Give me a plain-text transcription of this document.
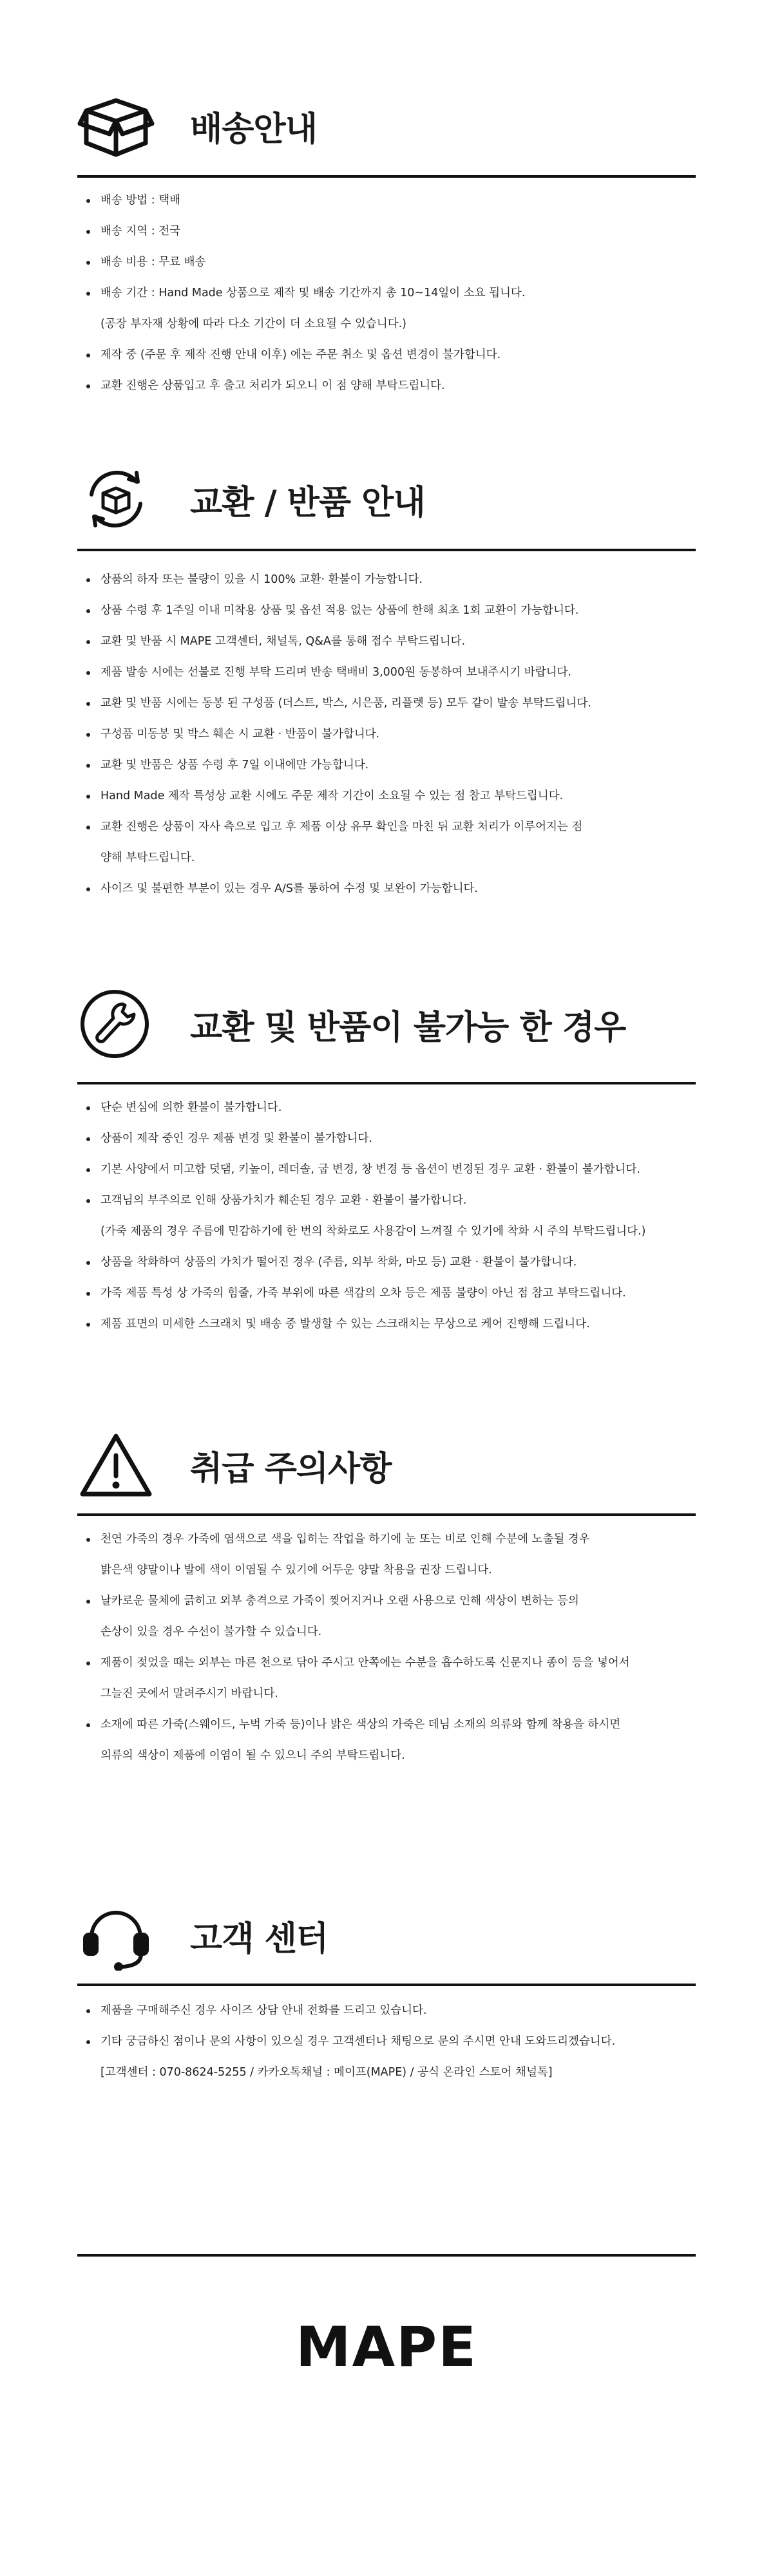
배송안내
배송 방법 : 택배
배송 지역 : 전국
배송 비용 : 무료 배송
배송 기간 : Hand Made 상품으로 제작 및 배송 기간까지 총 10~14일이 소요 됩니다.
(공장 부자재 상황에 따라 다소 기간이 더 소요될 수 있습니다.)
제작 중 (주문 후 제작 진행 안내 이후) 에는 주문 취소 및 옵션 변경이 불가합니다.
교환 진행은 상품입고 후 출고 처리가 되오니 이 점 양해 부탁드립니다.
교환 / 반품 안내
상품의 하자 또는 불량이 있을 시 100% 교환· 환불이 가능합니다.
상품 수령 후 1주일 이내 미착용 상품 및 옵션 적용 없는 상품에 한해 최초 1회 교환이 가능합니다.
교환 및 반품 시 MAPE 고객센터, 채널톡, Q&A를 통해 접수 부탁드립니다.
제품 발송 시에는 선불로 진행 부탁 드리며 반송 택배비 3,000원 동봉하여 보내주시기 바랍니다.
교환 및 반품 시에는 동봉 된 구성품 (더스트, 박스, 시은품, 리플렛 등) 모두 같이 발송 부탁드립니다.
구성품 미동봉 및 박스 훼손 시 교환 · 반품이 불가합니다.
교환 및 반품은 상품 수령 후 7일 이내에만 가능합니다.
Hand Made 제작 특성상 교환 시에도 주문 제작 기간이 소요될 수 있는 점 참고 부탁드립니다.
교환 진행은 상품이 자사 측으로 입고 후 제품 이상 유무 확인을 마친 뒤 교환 처리가 이루어지는 점
양해 부탁드립니다.
사이즈 및 불편한 부분이 있는 경우 A/S를 통하여 수정 및 보완이 가능합니다.
교환 및 반품이 불가능 한 경우
단순 변심에 의한 환불이 불가합니다.
상품이 제작 중인 경우 제품 변경 및 환불이 불가합니다.
기본 사양에서 미고합 덧댐, 키높이, 레더솔, 굽 변경, 창 변경 등 옵션이 변경된 경우 교환 · 환불이 불가합니다.
고객님의 부주의로 인해 상품가치가 훼손된 경우 교환 · 환불이 불가합니다.
(가죽 제품의 경우 주름에 민감하기에 한 번의 착화로도 사용감이 느껴질 수 있기에 착화 시 주의 부탁드립니다.)
상품을 착화하여 상품의 가치가 떨어진 경우 (주름, 외부 착화, 마모 등) 교환 · 환불이 불가합니다.
가죽 제품 특성 상 가죽의 힘줄, 가죽 부위에 따른 색감의 오차 등은 제품 불량이 아닌 점 참고 부탁드립니다.
제품 표면의 미세한 스크래치 및 배송 중 발생할 수 있는 스크래치는 무상으로 케어 진행해 드립니다.
취급 주의사항
천연 가죽의 경우 가죽에 염색으로 색을 입히는 작업을 하기에 눈 또는 비로 인해 수분에 노출될 경우
밝은색 양말이나 발에 색이 이염될 수 있기에 어두운 양말 착용을 권장 드립니다.
날카로운 물체에 긁히고 외부 충격으로 가죽이 찢어지거나 오랜 사용으로 인해 색상이 변하는 등의
손상이 있을 경우 수선이 불가할 수 있습니다.
제품이 젖었을 때는 외부는 마른 천으로 닦아 주시고 안쪽에는 수분을 흡수하도록 신문지나 종이 등을 넣어서
그늘진 곳에서 말려주시기 바랍니다.
소재에 따른 가죽(스웨이드, 누벅 가죽 등)이나 밝은 색상의 가죽은 데님 소재의 의류와 함께 착용을 하시면
의류의 색상이 제품에 이염이 될 수 있으니 주의 부탁드립니다.
고객 센터
제품을 구매해주신 경우 사이즈 상담 안내 전화를 드리고 있습니다.
기타 궁금하신 점이나 문의 사항이 있으실 경우 고객센터나 채팅으로 문의 주시면 안내 도와드리겠습니다.
[고객센터 : 070-8624-5255 / 카카오톡채널 : 메이프(MAPE) / 공식 온라인 스토어 채널톡]
MAPE
